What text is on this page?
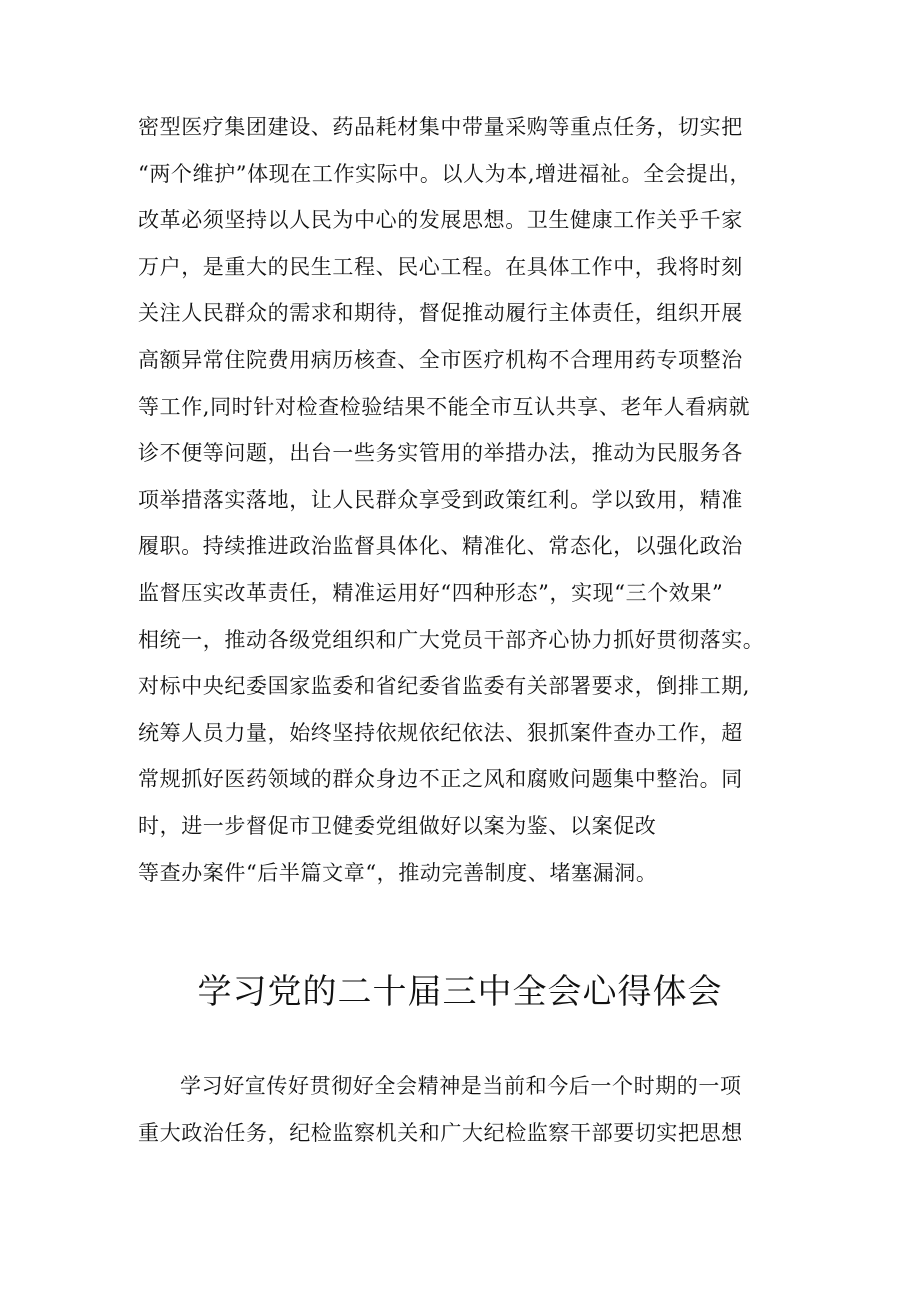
密型医疗集团建设、药品耗材集中带量采购等重点任务，切实把
“两个维护”体现在工作实际中。以人为本,增进福祉。全会提出，
改革必须坚持以人民为中心的发展思想。卫生健康工作关乎千家
万户，是重大的民生工程、民心工程。在具体工作中，我将时刻
关注人民群众的需求和期待，督促推动履行主体责任，组织开展
高额异常住院费用病历核查、全市医疗机构不合理用药专项整治
等工作,同时针对检查检验结果不能全市互认共享、老年人看病就
诊不便等问题，出台一些务实管用的举措办法，推动为民服务各
项举措落实落地，让人民群众享受到政策红利。学以致用，精准
履职。持续推进政治监督具体化、精准化、常态化，以强化政治
监督压实改革责任，精准运用好“四种形态”，实现“三个效果”
相统一，推动各级党组织和广大党员干部齐心协力抓好贯彻落实。
对标中央纪委国家监委和省纪委省监委有关部署要求，倒排工期,
统筹人员力量，始终坚持依规依纪依法、狠抓案件查办工作，超
常规抓好医药领域的群众身边不正之风和腐败问题集中整治。同
时，进一步督促市卫健委党组做好以案为鉴、以案促改
等查办案件“后半篇文章“，推动完善制度、堵塞漏洞。
学习党的二十届三中全会心得体会
学习好宣传好贯彻好全会精神是当前和今后一个时期的一项
重大政治任务，纪检监察机关和广大纪检监察干部要切实把思想
